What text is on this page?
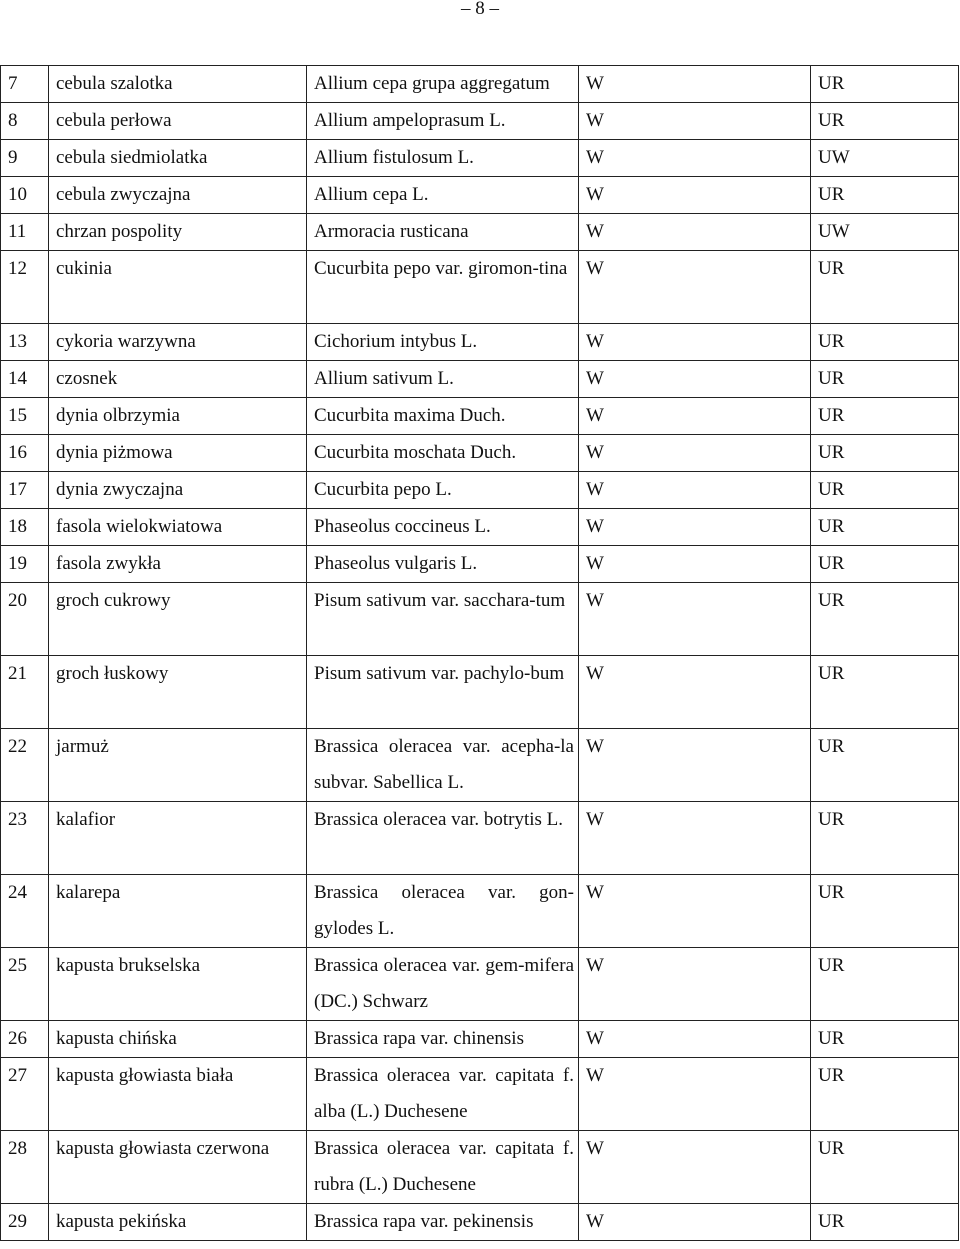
– 8 –
7	cebula szalotka	Allium cepa grupa aggregatum	W	UR
8	cebula perłowa	Allium ampeloprasum L.	W	UR
9	cebula siedmiolatka	Allium fistulosum L.	W	UW
10	cebula zwyczajna	Allium cepa L.	W	UR
11	chrzan pospolity	Armoracia rusticana	W	UW
12	cukinia	Cucurbita pepo var. giromon-tina	W	UR
13	cykoria warzywna	Cichorium intybus L.	W	UR
14	czosnek	Allium sativum L.	W	UR
15	dynia olbrzymia	Cucurbita maxima Duch.	W	UR
16	dynia piżmowa	Cucurbita moschata Duch.	W	UR
17	dynia zwyczajna	Cucurbita pepo L.	W	UR
18	fasola wielokwiatowa	Phaseolus coccineus L.	W	UR
19	fasola zwykła	Phaseolus vulgaris L.	W	UR
20	groch cukrowy	Pisum sativum var. sacchara-tum	W	UR
21	groch łuskowy	Pisum sativum var. pachylo-bum	W	UR
22	jarmuż	Brassica oleracea var. acepha-la subvar. Sabellica L.	W	UR
23	kalafior	Brassica oleracea var. botrytis L.	W	UR
24	kalarepa	Brassica oleracea var. gon-gylodes L.	W	UR
25	kapusta brukselska	Brassica oleracea var. gem-mifera (DC.) Schwarz	W	UR
26	kapusta chińska	Brassica rapa var. chinensis	W	UR
27	kapusta głowiasta biała	Brassica oleracea var. capitata f. alba (L.) Duchesene	W	UR
28	kapusta głowiasta czerwona	Brassica oleracea var. capitata f. rubra (L.) Duchesene	W	UR
29	kapusta pekińska	Brassica rapa var. pekinensis	W	UR
